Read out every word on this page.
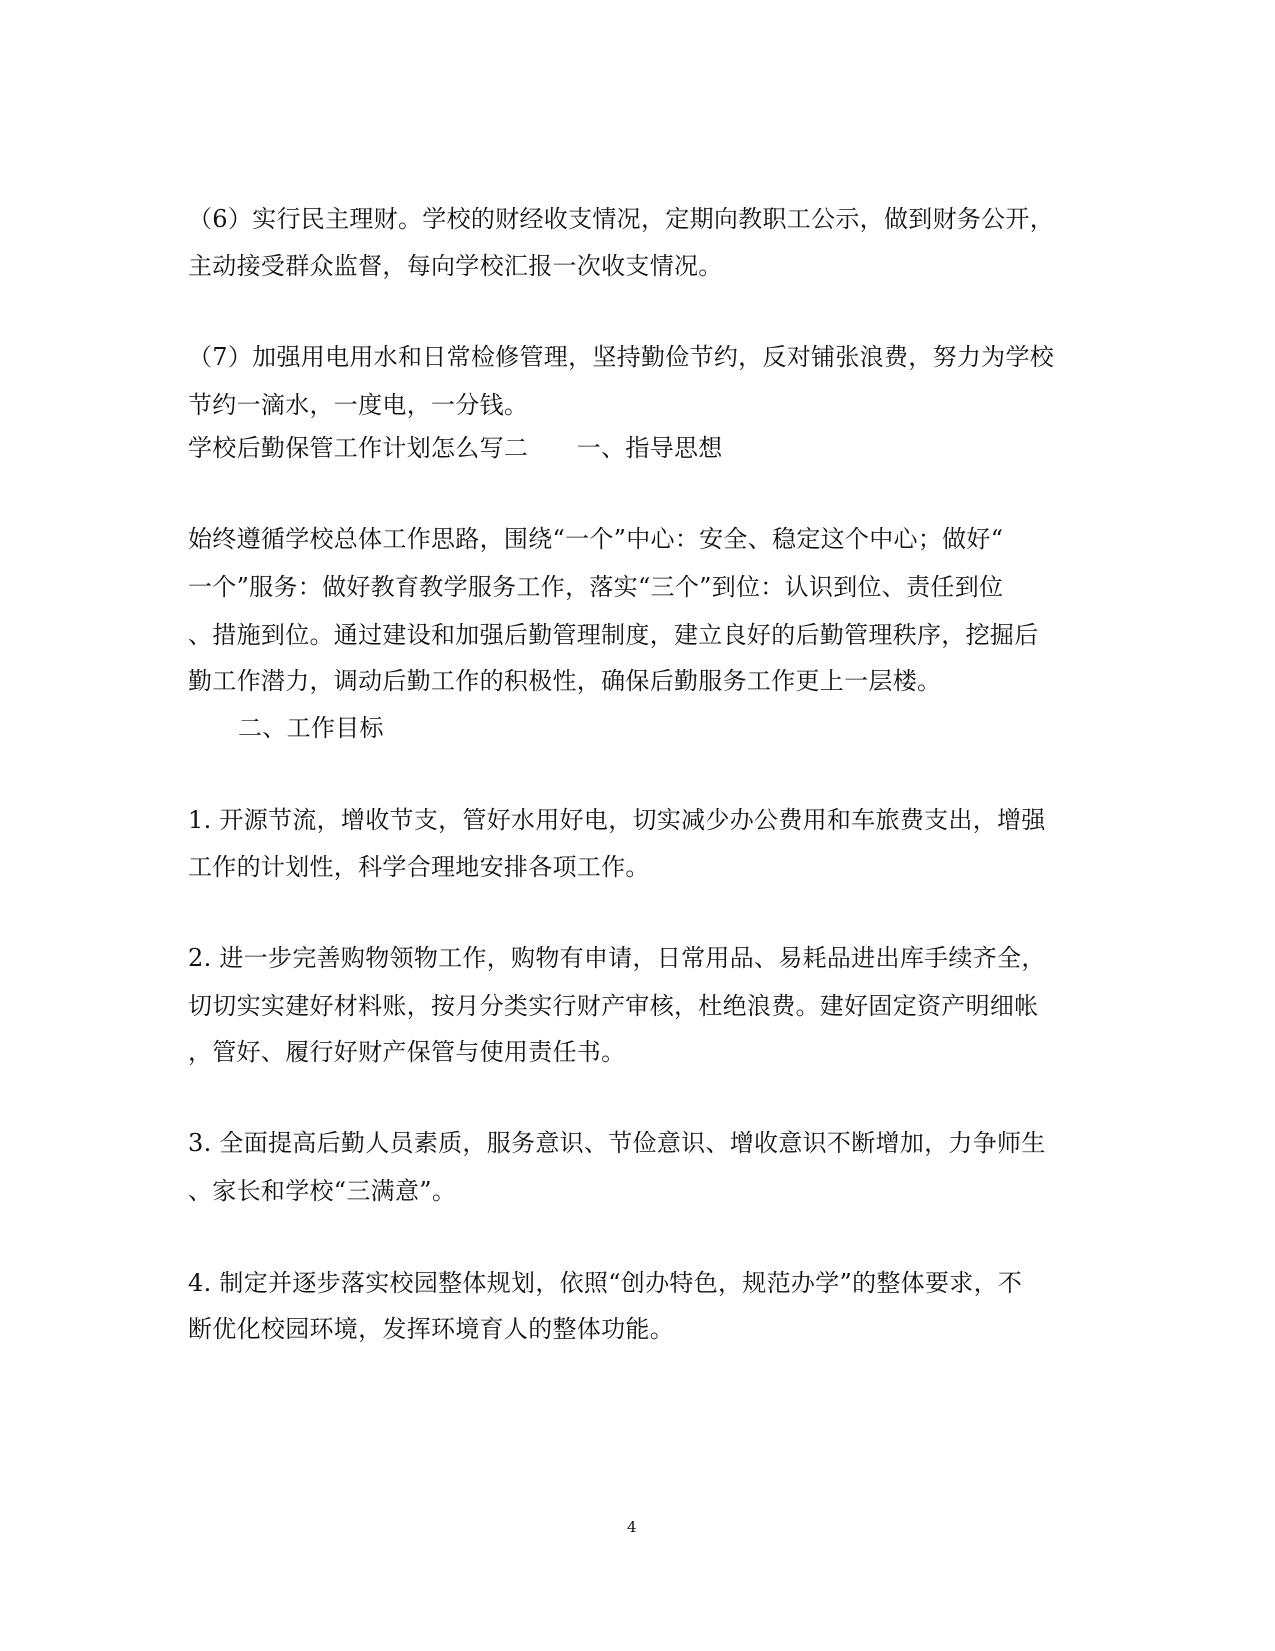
（6）实行民主理财。学校的财经收支情况，定期向教职工公示，做到财务公开，
主动接受群众监督，每向学校汇报一次收支情况。
（7）加强用电用水和日常检修管理，坚持勤俭节约，反对铺张浪费，努力为学校
节约一滴水，一度电，一分钱。
学校后勤保管工作计划怎么写二　　一、指导思想
始终遵循学校总体工作思路，围绕“一个”中心：安全、稳定这个中心；做好“
一个”服务：做好教育教学服务工作，落实“三个”到位：认识到位、责任到位
、措施到位。通过建设和加强后勤管理制度，建立良好的后勤管理秩序，挖掘后
勤工作潜力，调动后勤工作的积极性，确保后勤服务工作更上一层楼。
二、工作目标
1. 开源节流，增收节支，管好水用好电，切实减少办公费用和车旅费支出，增强
工作的计划性，科学合理地安排各项工作。
2. 进一步完善购物领物工作，购物有申请，日常用品、易耗品进出库手续齐全，
切切实实建好材料账，按月分类实行财产审核，杜绝浪费。建好固定资产明细帐
，管好、履行好财产保管与使用责任书。
3. 全面提高后勤人员素质，服务意识、节俭意识、增收意识不断增加，力争师生
、家长和学校“三满意”。
4. 制定并逐步落实校园整体规划，依照“创办特色，规范办学”的整体要求，不
断优化校园环境，发挥环境育人的整体功能。
4
